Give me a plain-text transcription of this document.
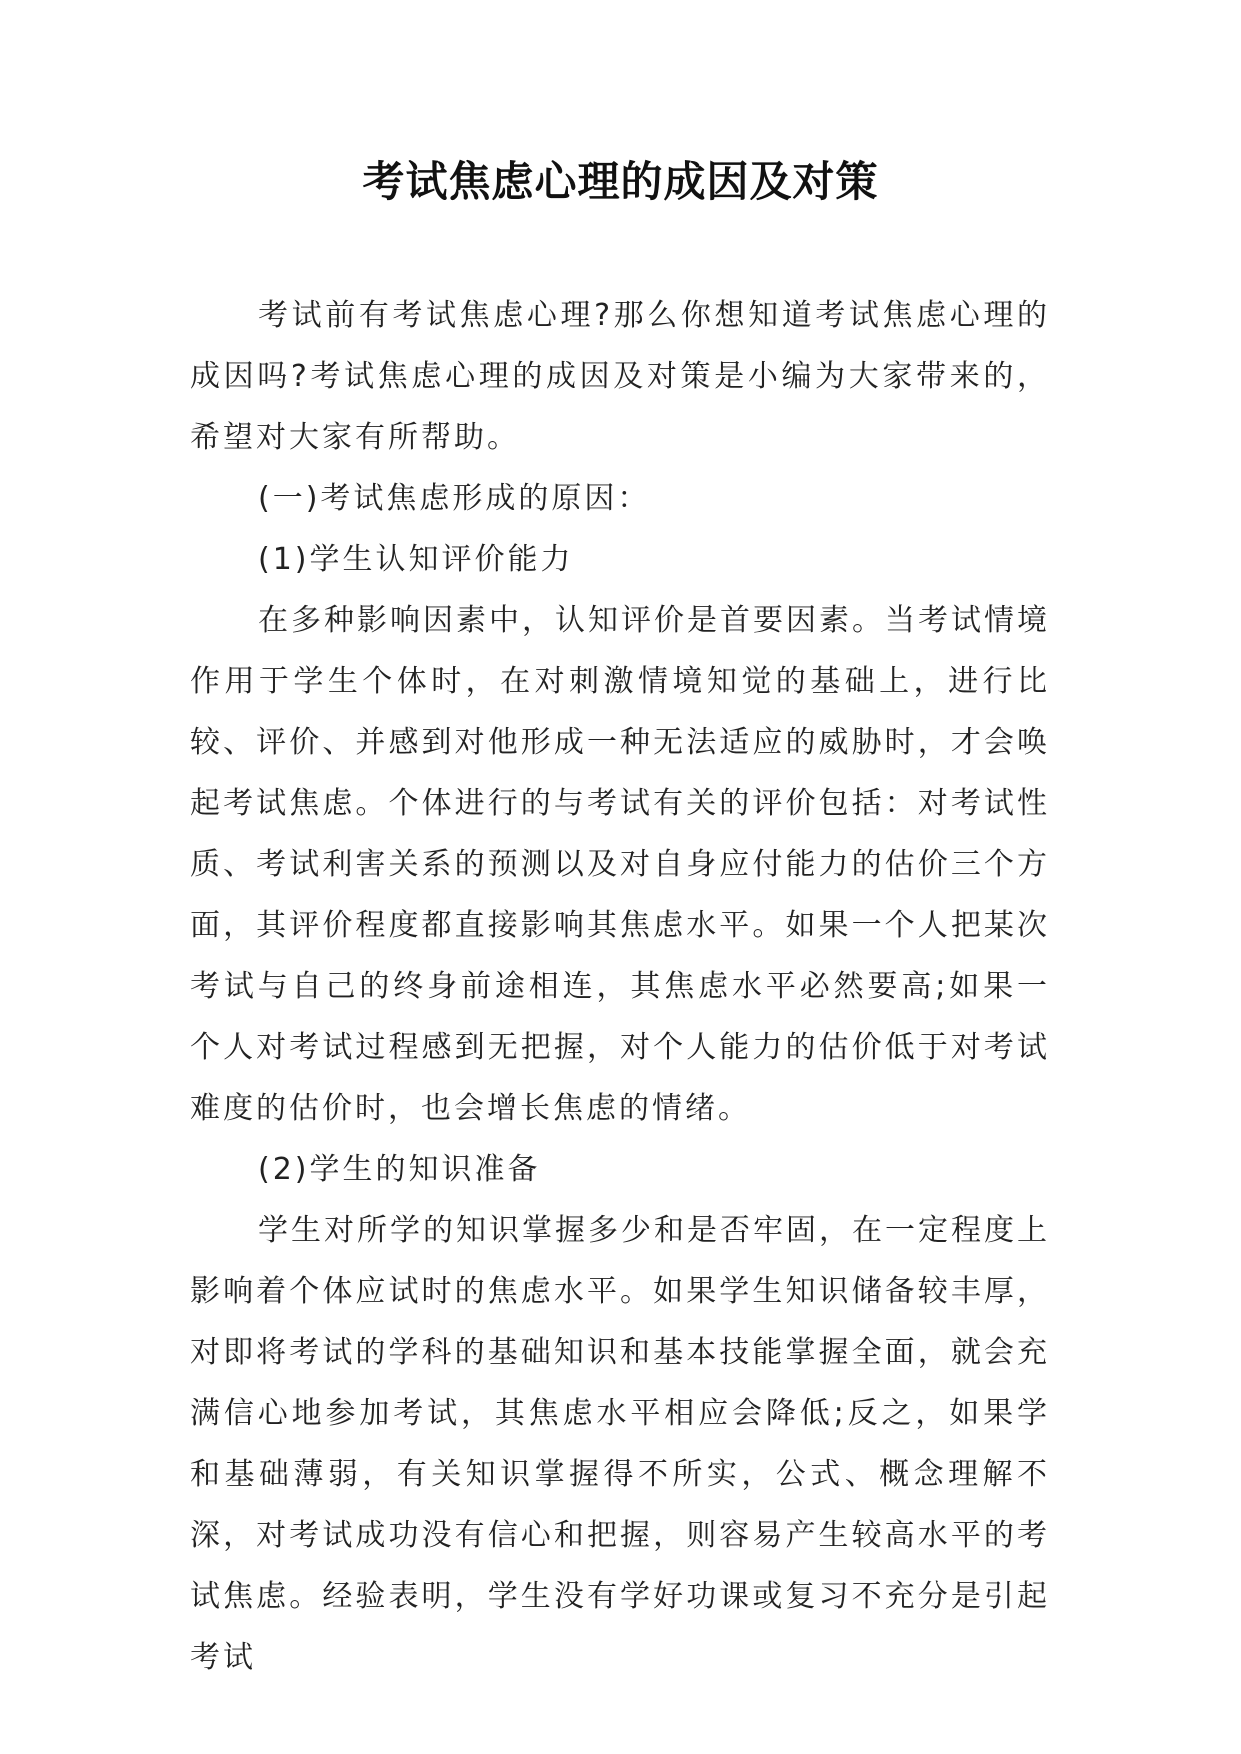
考试焦虑心理的成因及对策

考试前有考试焦虑心理?那么你想知道考试焦虑心理的成因吗?考试焦虑心理的成因及对策是小编为大家带来的，希望对大家有所帮助。

(一)考试焦虑形成的原因：

(1)学生认知评价能力

在多种影响因素中，认知评价是首要因素。当考试情境作用于学生个体时，在对刺激情境知觉的基础上，进行比较、评价、并感到对他形成一种无法适应的威胁时，才会唤起考试焦虑。个体进行的与考试有关的评价包括：对考试性质、考试利害关系的预测以及对自身应付能力的估价三个方面，其评价程度都直接影响其焦虑水平。如果一个人把某次考试与自己的终身前途相连，其焦虑水平必然要高;如果一个人对考试过程感到无把握，对个人能力的估价低于对考试难度的估价时，也会增长焦虑的情绪。

(2)学生的知识准备

学生对所学的知识掌握多少和是否牢固，在一定程度上影响着个体应试时的焦虑水平。如果学生知识储备较丰厚，对即将考试的学科的基础知识和基本技能掌握全面，就会充满信心地参加考试，其焦虑水平相应会降低;反之，如果学和基础薄弱，有关知识掌握得不所实，公式、概念理解不深，对考试成功没有信心和把握，则容易产生较高水平的考试焦虑。经验表明，学生没有学好功课或复习不充分是引起考试
